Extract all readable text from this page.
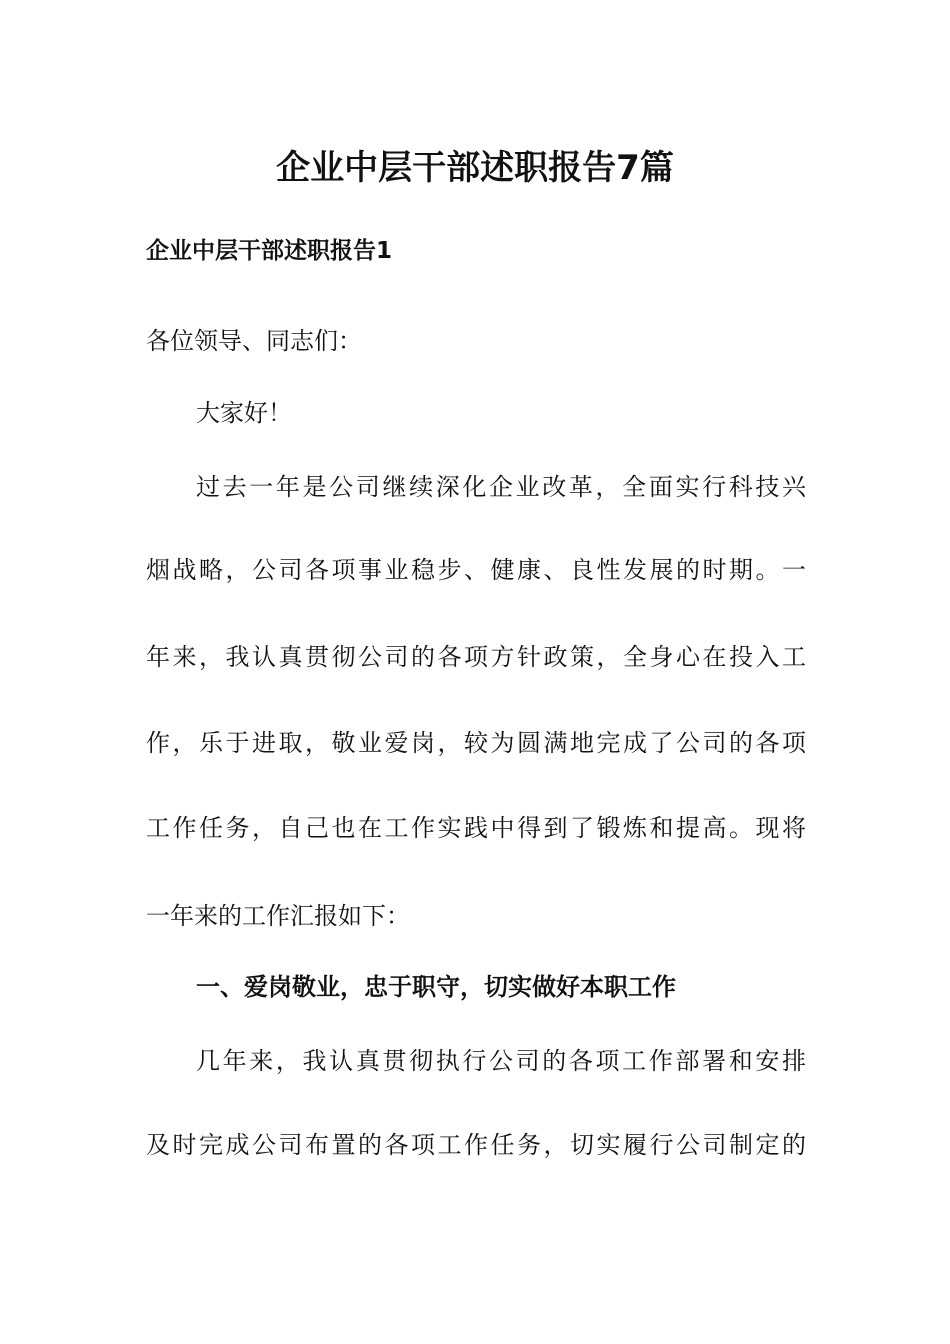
企业中层干部述职报告7篇
企业中层干部述职报告1
各位领导、同志们：
大家好！
过去一年是公司继续深化企业改革，全面实行科技兴
烟战略，公司各项事业稳步、健康、良性发展的时期。一
年来，我认真贯彻公司的各项方针政策，全身心在投入工
作，乐于进取，敬业爱岗，较为圆满地完成了公司的各项
工作任务，自己也在工作实践中得到了锻炼和提高。现将
一年来的工作汇报如下：
一、爱岗敬业，忠于职守，切实做好本职工作
几年来，我认真贯彻执行公司的各项工作部署和安排
及时完成公司布置的各项工作任务，切实履行公司制定的
